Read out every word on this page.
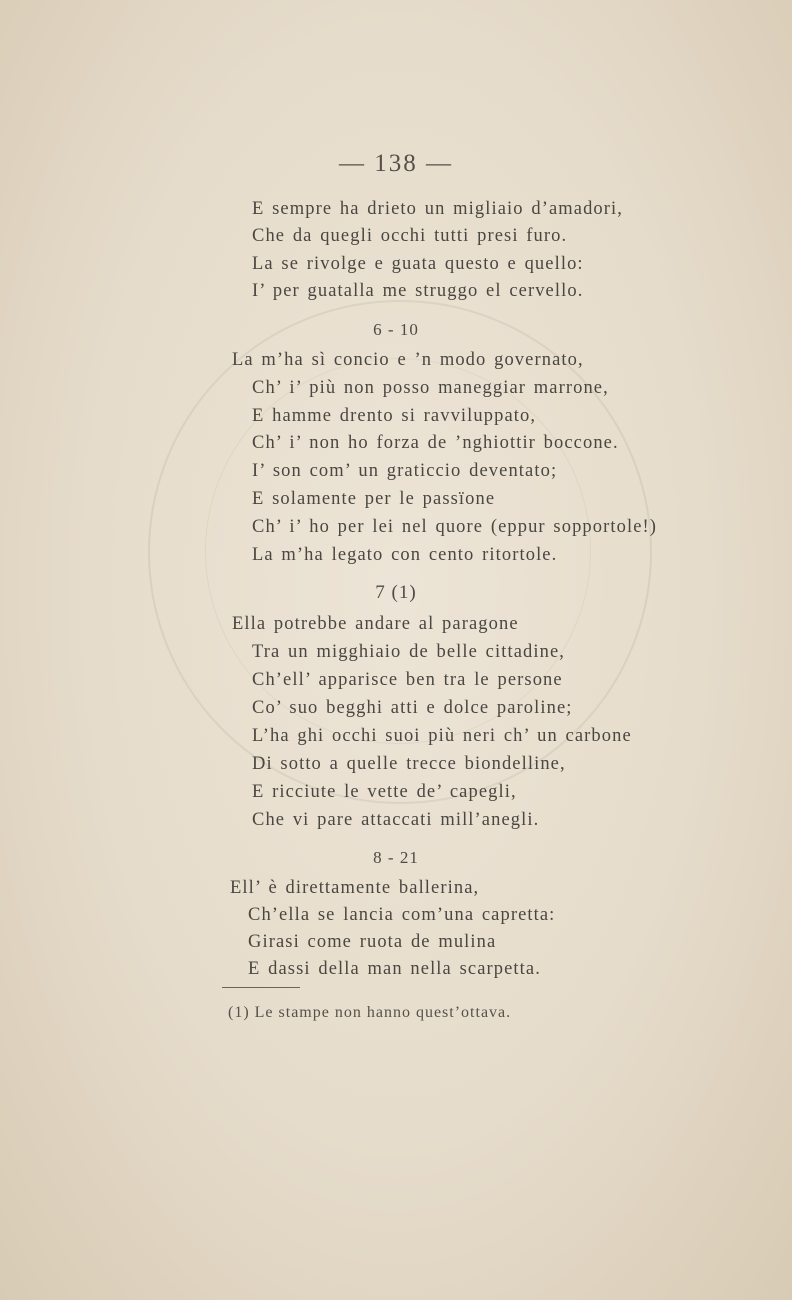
— 138 —
E sempre ha drieto un migliaio d’amadori,
Che da quegli occhi tutti presi furo.
La se rivolge e guata questo e quello:
I’ per guatalla me struggo el cervello.
6 - 10
La m’ha sì concio e ’n modo governato,
Ch’ i’ più non posso maneggiar marrone,
E hamme drento si ravviluppato,
Ch’ i’ non ho forza de ’nghiottir boccone.
I’ son com’ un graticcio deventato;
E solamente per le passïone
Ch’ i’ ho per lei nel quore (eppur sopportole!)
La m’ha legato con cento ritortole.
7 (1)
Ella potrebbe andare al paragone
Tra un migghiaio de belle cittadine,
Ch’ell’ apparisce ben tra le persone
Co’ suo begghi atti e dolce paroline;
L’ha ghi occhi suoi più neri ch’ un carbone
Di sotto a quelle trecce biondelline,
E ricciute le vette de’ capegli,
Che vi pare attaccati mill’anegli.
8 - 21
Ell’ è direttamente ballerina,
Ch’ella se lancia com’una capretta:
Girasi come ruota de mulina
E dassi della man nella scarpetta.
(1) Le stampe non hanno quest’ottava.
